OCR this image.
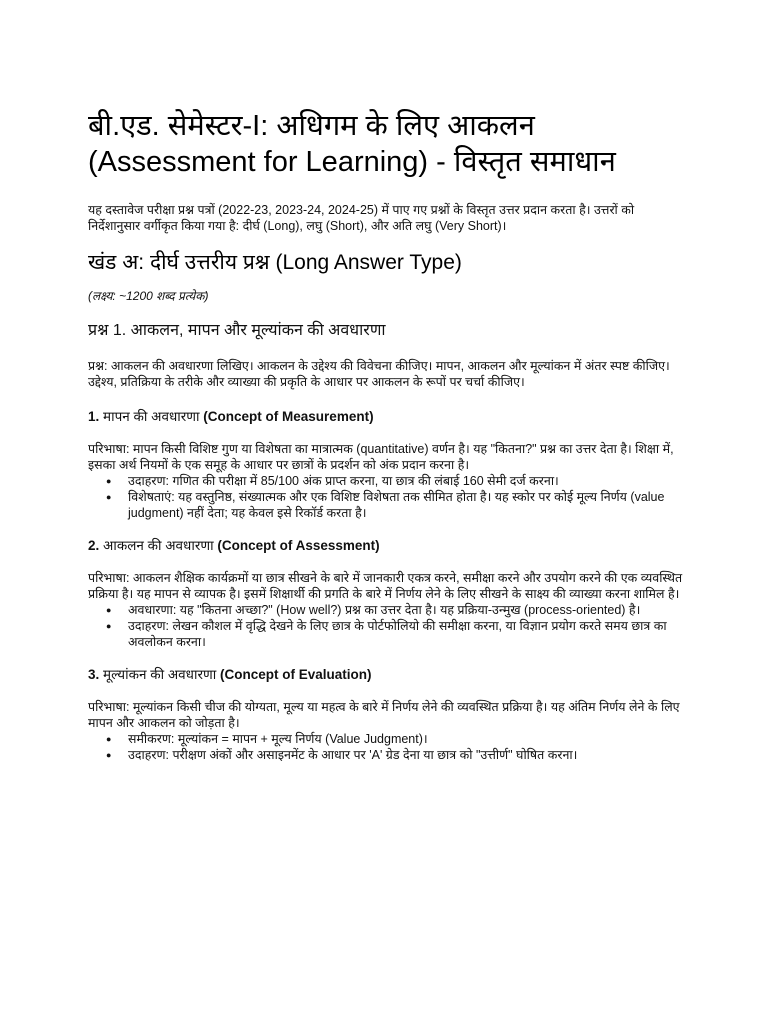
बी.एड. सेमेस्टर-I: अधिगम के लिए आकलन (Assessment for Learning) - विस्तृत समाधान

यह दस्तावेज परीक्षा प्रश्न पत्रों (2022-23, 2023-24, 2024-25) में पाए गए प्रश्नों के विस्तृत उत्तर प्रदान करता है। उत्तरों को निर्देशानुसार वर्गीकृत किया गया है: दीर्घ (Long), लघु (Short), और अति लघु (Very Short)।

खंड अ: दीर्घ उत्तरीय प्रश्न (Long Answer Type)

(लक्ष्य: ~1200 शब्द प्रत्येक)

प्रश्न 1. आकलन, मापन और मूल्यांकन की अवधारणा

प्रश्न: आकलन की अवधारणा लिखिए। आकलन के उद्देश्य की विवेचना कीजिए। मापन, आकलन और मूल्यांकन में अंतर स्पष्ट कीजिए। उद्देश्य, प्रतिक्रिया के तरीके और व्याख्या की प्रकृति के आधार पर आकलन के रूपों पर चर्चा कीजिए।

1. मापन की अवधारणा (Concept of Measurement)

परिभाषा: मापन किसी विशिष्ट गुण या विशेषता का मात्रात्मक (quantitative) वर्णन है। यह "कितना?" प्रश्न का उत्तर देता है। शिक्षा में, इसका अर्थ नियमों के एक समूह के आधार पर छात्रों के प्रदर्शन को अंक प्रदान करना है।

● उदाहरण: गणित की परीक्षा में 85/100 अंक प्राप्त करना, या छात्र की लंबाई 160 सेमी दर्ज करना।
● विशेषताएं: यह वस्तुनिष्ठ, संख्यात्मक और एक विशिष्ट विशेषता तक सीमित होता है। यह स्कोर पर कोई मूल्य निर्णय (value judgment) नहीं देता; यह केवल इसे रिकॉर्ड करता है।
2. आकलन की अवधारणा (Concept of Assessment)

परिभाषा: आकलन शैक्षिक कार्यक्रमों या छात्र सीखने के बारे में जानकारी एकत्र करने, समीक्षा करने और उपयोग करने की एक व्यवस्थित प्रक्रिया है। यह मापन से व्यापक है। इसमें शिक्षार्थी की प्रगति के बारे में निर्णय लेने के लिए सीखने के साक्ष्य की व्याख्या करना शामिल है।

● अवधारणा: यह "कितना अच्छा?" (How well?) प्रश्न का उत्तर देता है। यह प्रक्रिया-उन्मुख (process-oriented) है।
● उदाहरण: लेखन कौशल में वृद्धि देखने के लिए छात्र के पोर्टफोलियो की समीक्षा करना, या विज्ञान प्रयोग करते समय छात्र का अवलोकन करना।
3. मूल्यांकन की अवधारणा (Concept of Evaluation)

परिभाषा: मूल्यांकन किसी चीज की योग्यता, मूल्य या महत्व के बारे में निर्णय लेने की व्यवस्थित प्रक्रिया है। यह अंतिम निर्णय लेने के लिए मापन और आकलन को जोड़ता है।

● समीकरण: मूल्यांकन = मापन + मूल्य निर्णय (Value Judgment)।
● उदाहरण: परीक्षण अंकों और असाइनमेंट के आधार पर 'A' ग्रेड देना या छात्र को "उत्तीर्ण" घोषित करना।
